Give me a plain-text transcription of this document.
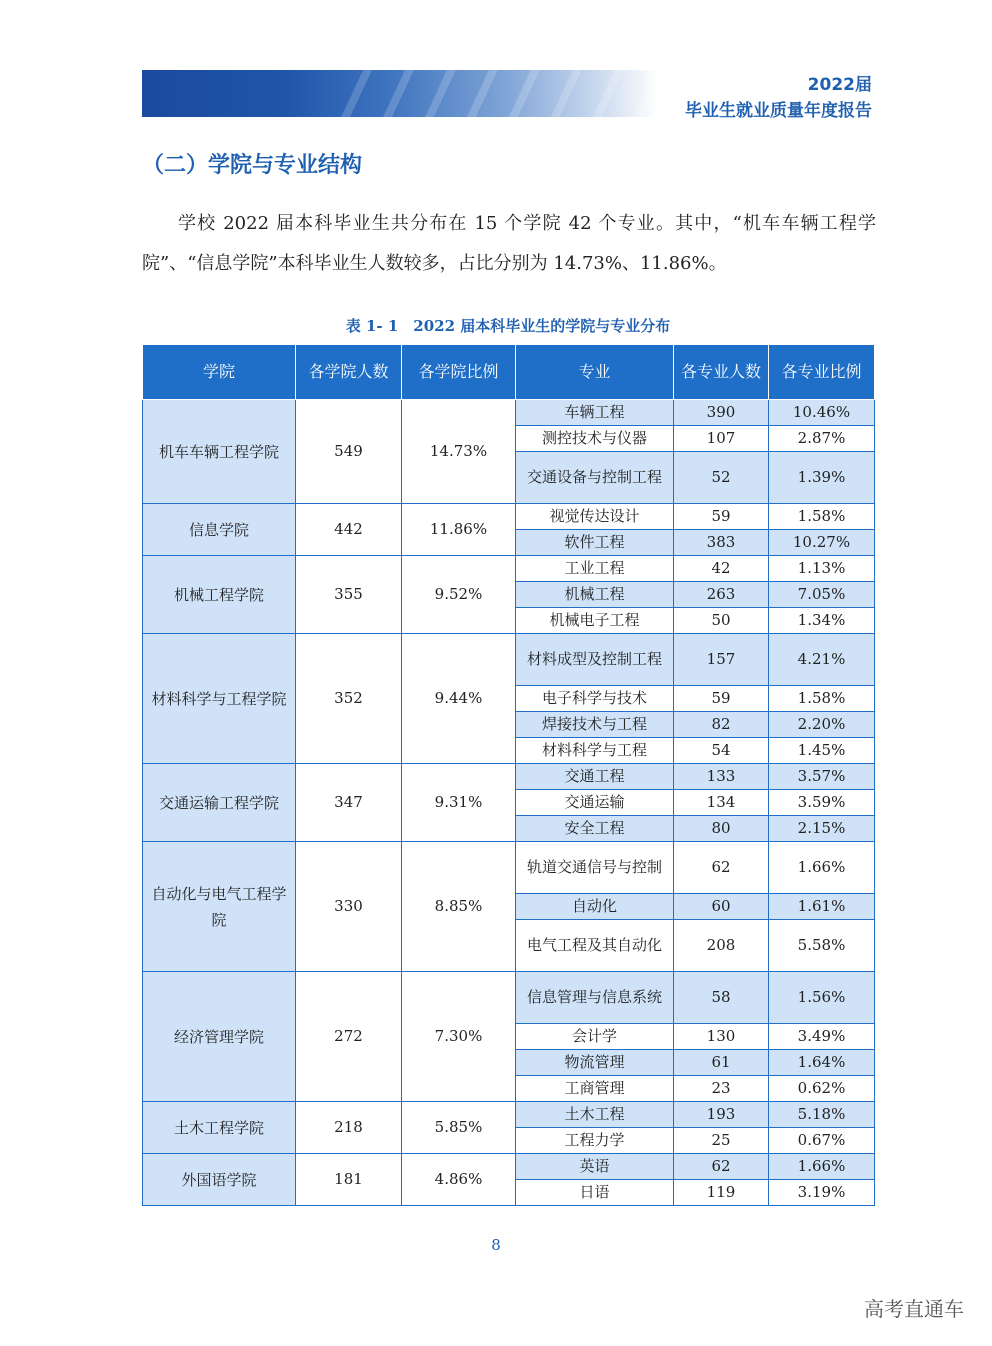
2022届
毕业生就业质量年度报告
（二）学院与专业结构
学校 2022 届本科毕业生共分布在 15 个学院 42 个专业。其中，“机车车辆工程学院”、“信息学院”本科毕业生人数较多，占比分别为 14.73%、11.86%。
表 1- 1　2022 届本科毕业生的学院与专业分布
学院	各学院人数	各学院比例	专业	各专业人数	各专业比例
机车车辆工程学院	549	14.73%	车辆工程	390	10.46%
			测控技术与仪器	107	2.87%
			交通设备与控制工程	52	1.39%
信息学院	442	11.86%	视觉传达设计	59	1.58%
			软件工程	383	10.27%
机械工程学院	355	9.52%	工业工程	42	1.13%
			机械工程	263	7.05%
			机械电子工程	50	1.34%
材料科学与工程学院	352	9.44%	材料成型及控制工程	157	4.21%
			电子科学与技术	59	1.58%
			焊接技术与工程	82	2.20%
			材料科学与工程	54	1.45%
交通运输工程学院	347	9.31%	交通工程	133	3.57%
			交通运输	134	3.59%
			安全工程	80	2.15%
自动化与电气工程学院	330	8.85%	轨道交通信号与控制	62	1.66%
			自动化	60	1.61%
			电气工程及其自动化	208	5.58%
经济管理学院	272	7.30%	信息管理与信息系统	58	1.56%
			会计学	130	3.49%
			物流管理	61	1.64%
			工商管理	23	0.62%
土木工程学院	218	5.85%	土木工程	193	5.18%
			工程力学	25	0.67%
外国语学院	181	4.86%	英语	62	1.66%
			日语	119	3.19%
8
高考直通车
